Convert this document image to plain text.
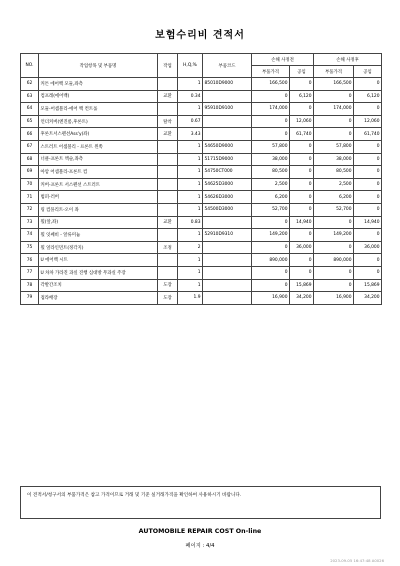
보험수리비 견적서
NO.	작업항목 및 부품명	작업	H,Q,%	부품코드	손해 사정전		손해 사정후	
					부품가격	공임	부품가격	공임
62	커튼 에어백 모듈,좌측		1	85010D9000	166,500	0	166,500	0
63	컴프레(에어백)	교환	0.34		0	6,120	0	6,120
64	모듈-어셈블리-에어 백 컨트롤		1	95910D9100	174,000	0	174,000	0
65	언더커버(엔진룸,후론트)	탈착	0.67		0	12,060	0	12,060
66	후론트서스펜션Ass'y(좌)	교환	3.43		0	61,740	0	61,740
67	스트러트 어셈블리 - 프론트 왼쪽		1	54650D9000	57,800	0	57,800	0
68	너클-프론트 액슬,좌측		1	51715D9000	38,000	0	38,000	0
69	아암 어셈블리-프론트 컴		1	54750CT000	80,500	0	80,500	0
70	커버-프론트 서스펜션 스트러트		1	54625D3000	2,500	0	2,500	0
71	범퍼-러버		1	54626D3000	6,200	0	6,200	0
72	링 컴플리트-오이 좌		1	54500D3000	52,700	0	52,700	0
73	휠(앞,좌)	교환	0.83		0	14,940	0	14,940
74	휠 잇쎄비 - 알류미늄		1	52910D9310	149,200	0	149,200	0
75	휠 얼라인먼트(정각지)	조정	2		0	36,000	0	36,000
76	U 에어백 시트		1		890,000	0	890,000	0
77	U 차차 가라진 과실 진행 심대방 무과실 주장		1		0	0	0	0
78	각발간조치	도장	1		0	15,869	0	15,869
79	접라배장	도장	1.9		16,900	34,200	16,900	34,200
이 견적서/청구서의 부품가격은 참고 가격이므로 거래 및 기준 실거래가격을 확인하여 사용하시기 바랍니다.
AUTOMOBILE REPAIR COST On-line
페이지 : 4/4
2023-09-05 16:47:48 A0026
